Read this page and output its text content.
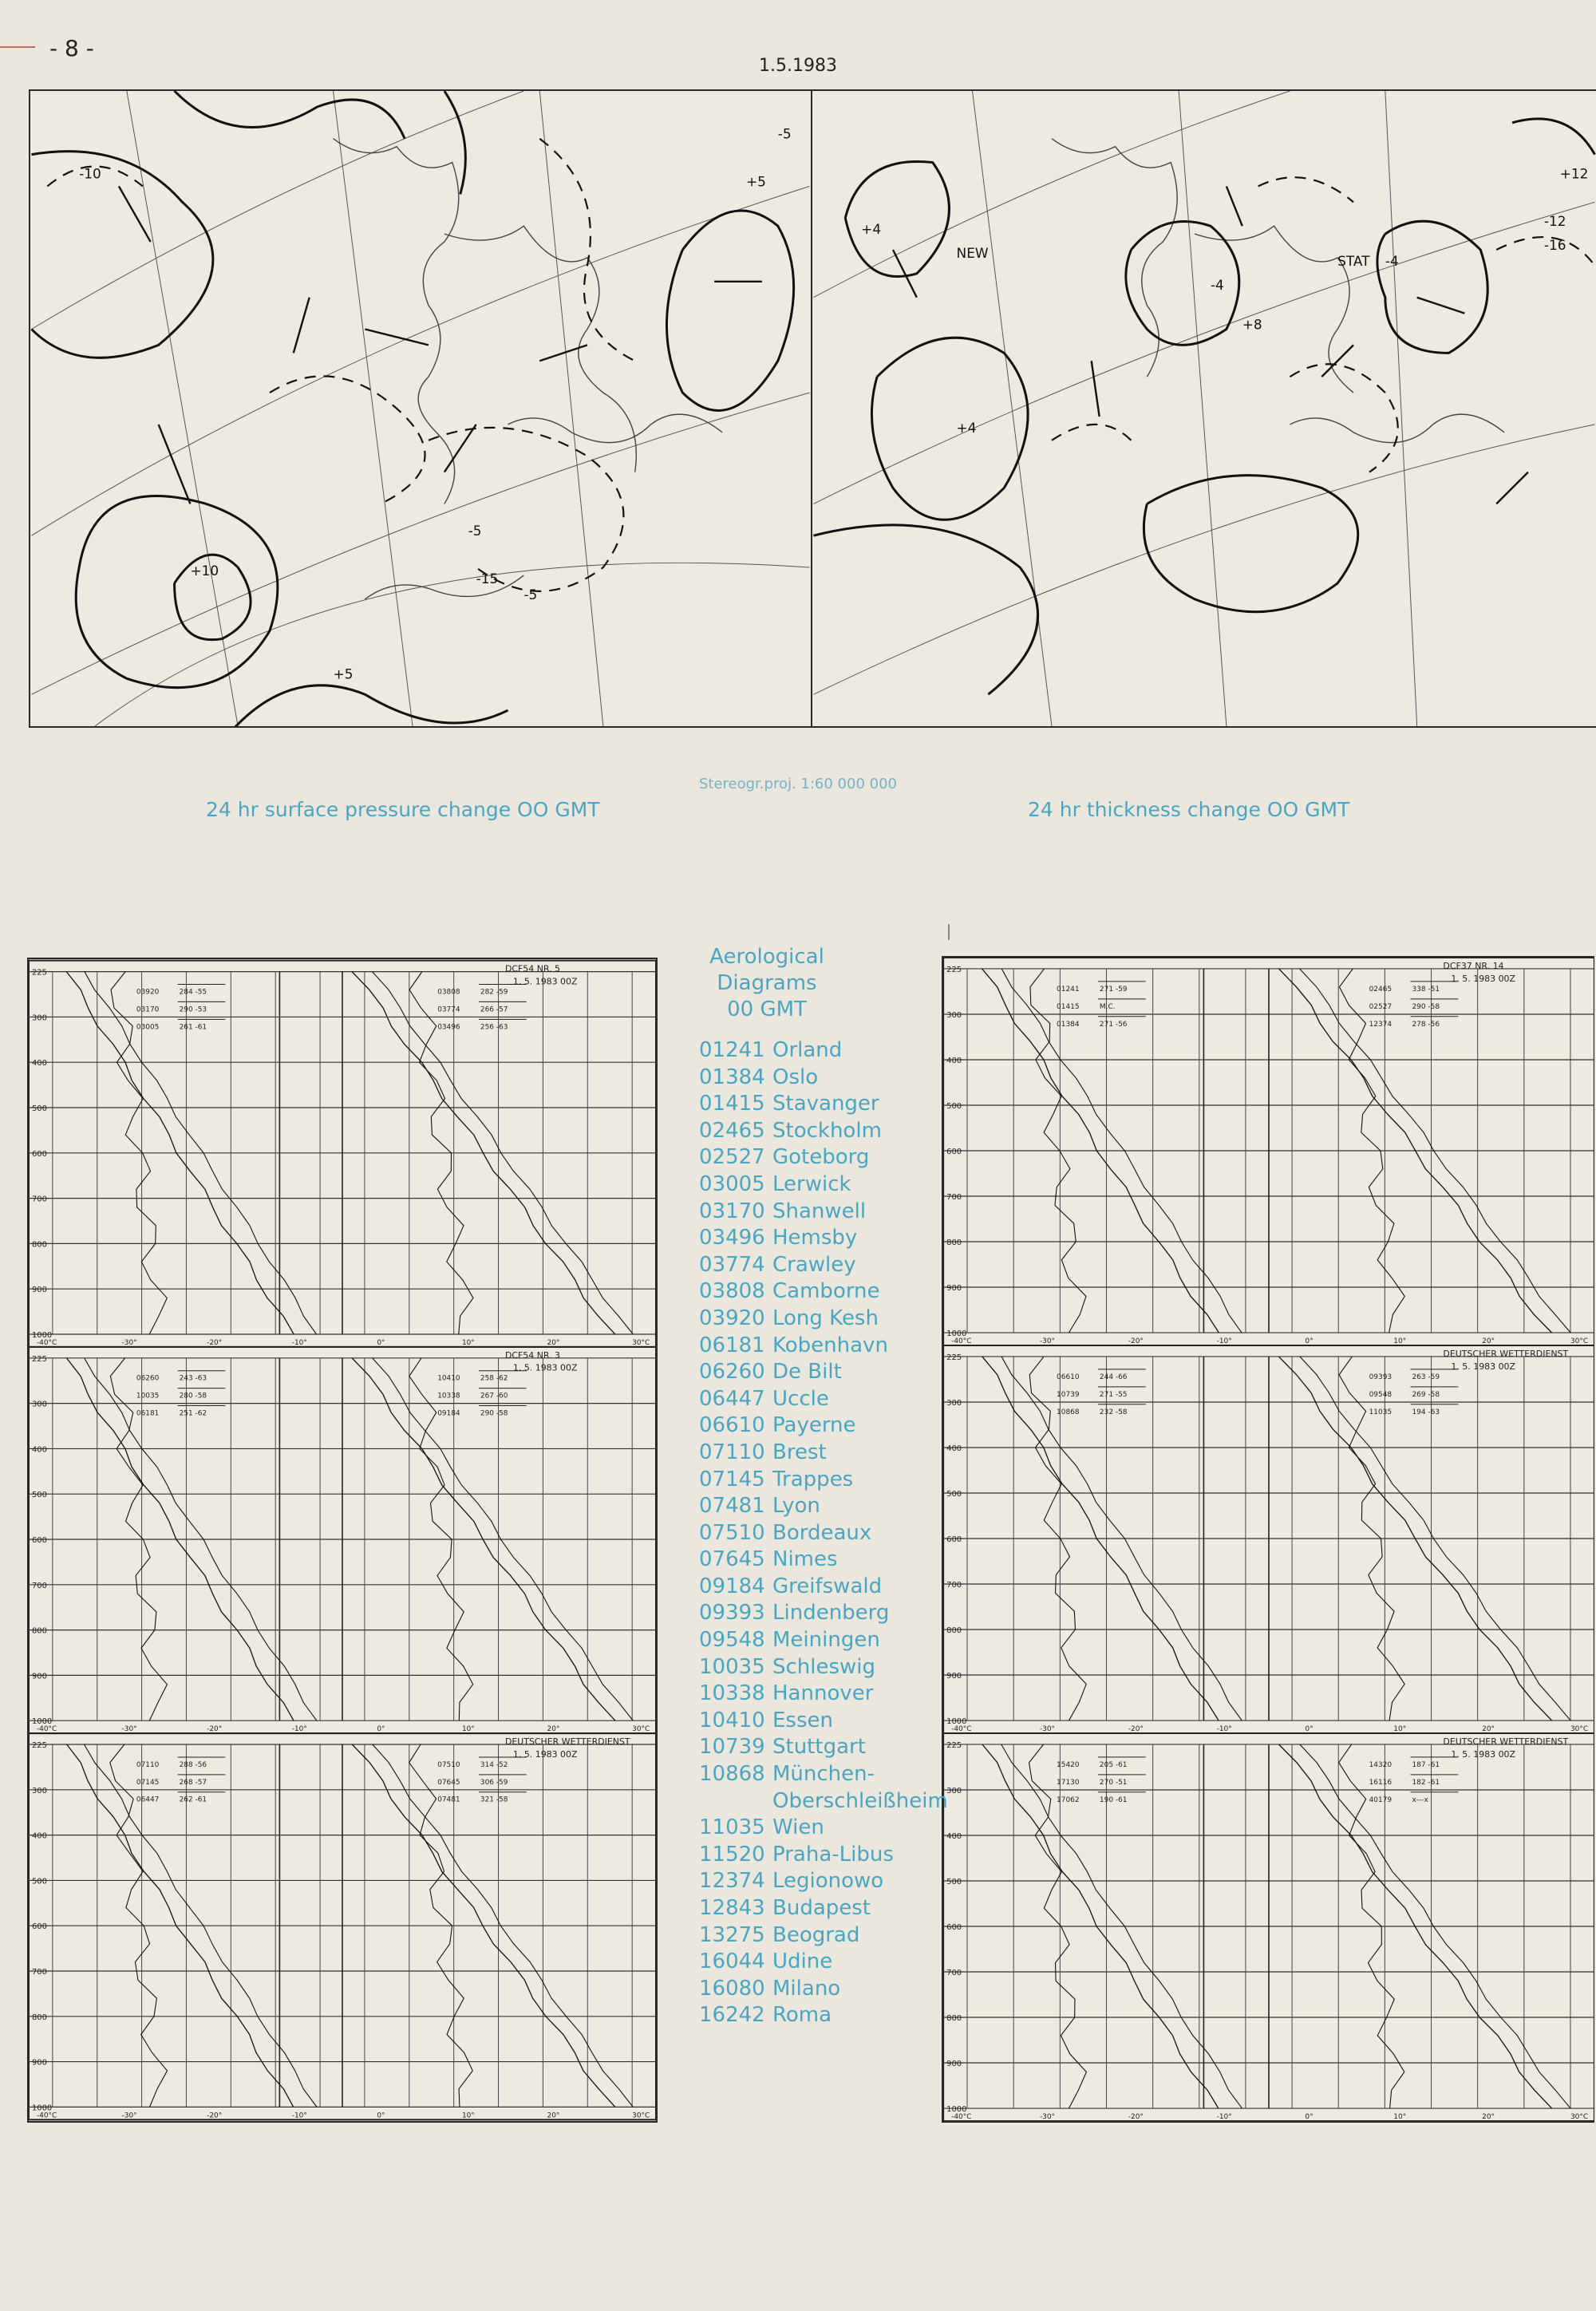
- 8 -
1.5.1983
-10	+5
+10
+5
-5
-5
-5
-15
+4
+4
-4
-4
+12
-12
-16
STAT
NEW
+8
Stereogr.proj. 1:60 000 000
24 hr surface pressure change OO GMT	24 hr thickness change OO GMT
225
300
400
500
600
700
800
900
1000
DCF54 NR. 5
1. 5. 1983 00Z
03920	284 -55
03170	290 -53
03005	261 -61
03808	282 -59
03774	266 -57
03496	256 -63
-40°C	-30°	-20°	-10°	0°	10°	20°	30°C
225
300
400
500
600
700
800
900
1000
DCF54 NR. 3
1. 5. 1983 00Z
06260	243 -63
10035	280 -58
06181	251 -62
10410	258 -62
10338	267 -60
09184	290 -58
-40°C	-30°	-20°	-10°	0°	10°	20°	30°C
225
300
400
500
600
700
800
900
1000
DEUTSCHER WETTERDIENST
1. 5. 1983 00Z
07110	288 -56
07145	268 -57
06447	262 -61
07510	314 -52
07645	306 -59
07481	321 -58
-40°C	-30°	-20°	-10°	0°	10°	20°	30°C
225
300
400
500
600
700
800
900
1000
DCF37 NR. 14
1. 5. 1983 00Z
01241	271 -59
01415	M.C.
01384	271 -56
02465	338 -51
02527	290 -58
12374	278 -56
-40°C	-30°	-20°	-10°	0°	10°	20°	30°C
225
300
400
500
600
700
800
900
1000
DEUTSCHER WETTERDIENST
1. 5. 1983 00Z
06610	244 -66
10739	271 -55
10868	232 -58
09393	263 -59
09548	269 -58
11035	194 -63
-40°C	-30°	-20°	-10°	0°	10°	20°	30°C
225
300
400
500
600
700
800
900
1000
DEUTSCHER WETTERDIENST
1. 5. 1983 00Z
15420	205 -61
17130	270 -51
17062	190 -61
14320	187 -61
16116	182 -61
40179	x---x
-40°C	-30°	-20°	-10°	0°	10°	20°	30°C
Aerological
Diagrams
00 GMT
01241 Orland
01384 Oslo
01415 Stavanger
02465 Stockholm
02527 Goteborg
03005 Lerwick
03170 Shanwell
03496 Hemsby
03774 Crawley
03808 Camborne
03920 Long Kesh
06181 Kobenhavn
06260 De Bilt
06447 Uccle
06610 Payerne
07110 Brest
07145 Trappes
07481 Lyon
07510 Bordeaux
07645 Nimes
09184 Greifswald
09393 Lindenberg
09548 Meiningen
10035 Schleswig
10338 Hannover
10410 Essen
10739 Stuttgart
10868 München-
Oberschleißheim
11035 Wien
11520 Praha-Libus
12374 Legionowo
12843 Budapest
13275 Beograd
16044 Udine
16080 Milano
16242 Roma
